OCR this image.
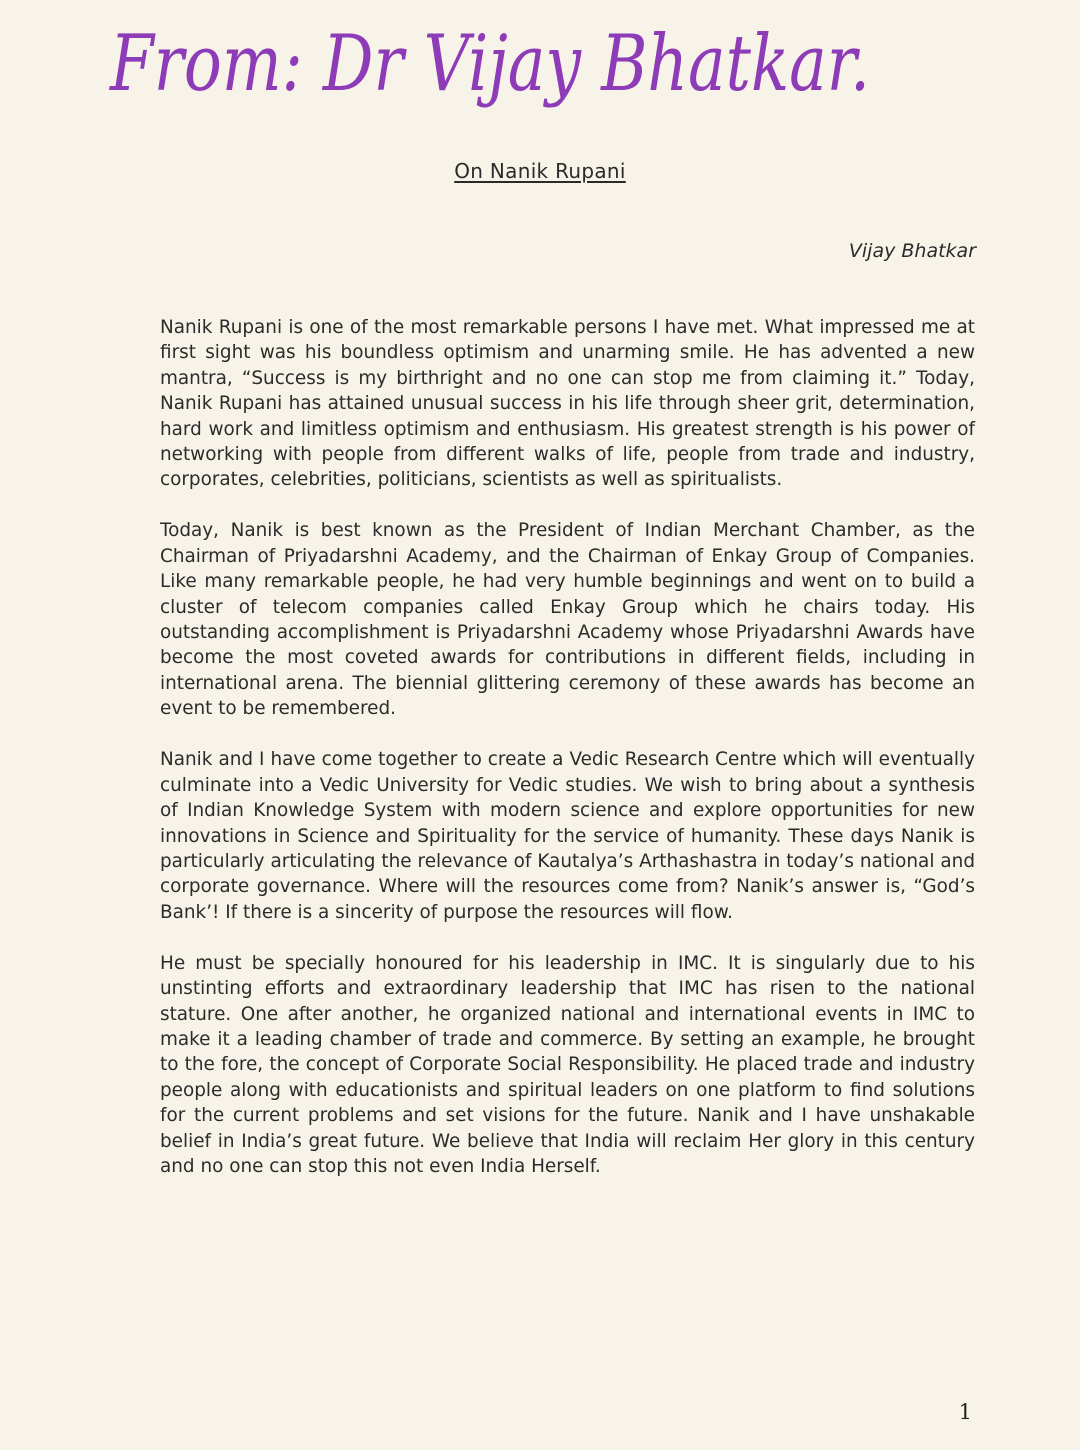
From: Dr Vijay Bhatkar.
On Nanik Rupani

Vijay Bhatkar

Nanik Rupani is one of the most remarkable persons I have met. What impressed me at first sight was his boundless optimism and unarming smile. He has advented a new mantra, “Success is my birthright and no one can stop me from claiming it.” Today, Nanik Rupani has attained unusual success in his life through sheer grit, determination, hard work and limitless optimism and enthusiasm. His greatest strength is his power of networking with people from different walks of life, people from trade and industry, corporates, celebrities, politicians, scientists as well as spiritualists.

Today, Nanik is best known as the President of Indian Merchant Chamber, as the Chairman of Priyadarshni Academy, and the Chairman of Enkay Group of Companies. Like many remarkable people, he had very humble beginnings and went on to build a cluster of telecom companies called Enkay Group which he chairs today. His outstanding accomplishment is Priyadarshni Academy whose Priyadarshni Awards have become the most coveted awards for contributions in different fields, including in international arena. The biennial glittering ceremony of these awards has become an event to be remembered.

Nanik and I have come together to create a Vedic Research Centre which will eventually culminate into a Vedic University for Vedic studies. We wish to bring about a synthesis of Indian Knowledge System with modern science and explore opportunities for new innovations in Science and Spirituality for the service of humanity. These days Nanik is particularly articulating the relevance of Kautalya’s Arthashastra in today’s national and corporate governance. Where will the resources come from? Nanik’s answer is, “God’s Bank’! If there is a sincerity of purpose the resources will flow.

He must be specially honoured for his leadership in IMC. It is singularly due to his unstinting efforts and extraordinary leadership that IMC has risen to the national stature. One after another, he organized national and international events in IMC to make it a leading chamber of trade and commerce. By setting an example, he brought to the fore, the concept of Corporate Social Responsibility. He placed trade and industry people along with educationists and spiritual leaders on one platform to find solutions for the current problems and set visions for the future. Nanik and I have unshakable belief in India’s great future. We believe that India will reclaim Her glory in this century and no one can stop this not even India Herself.

1
